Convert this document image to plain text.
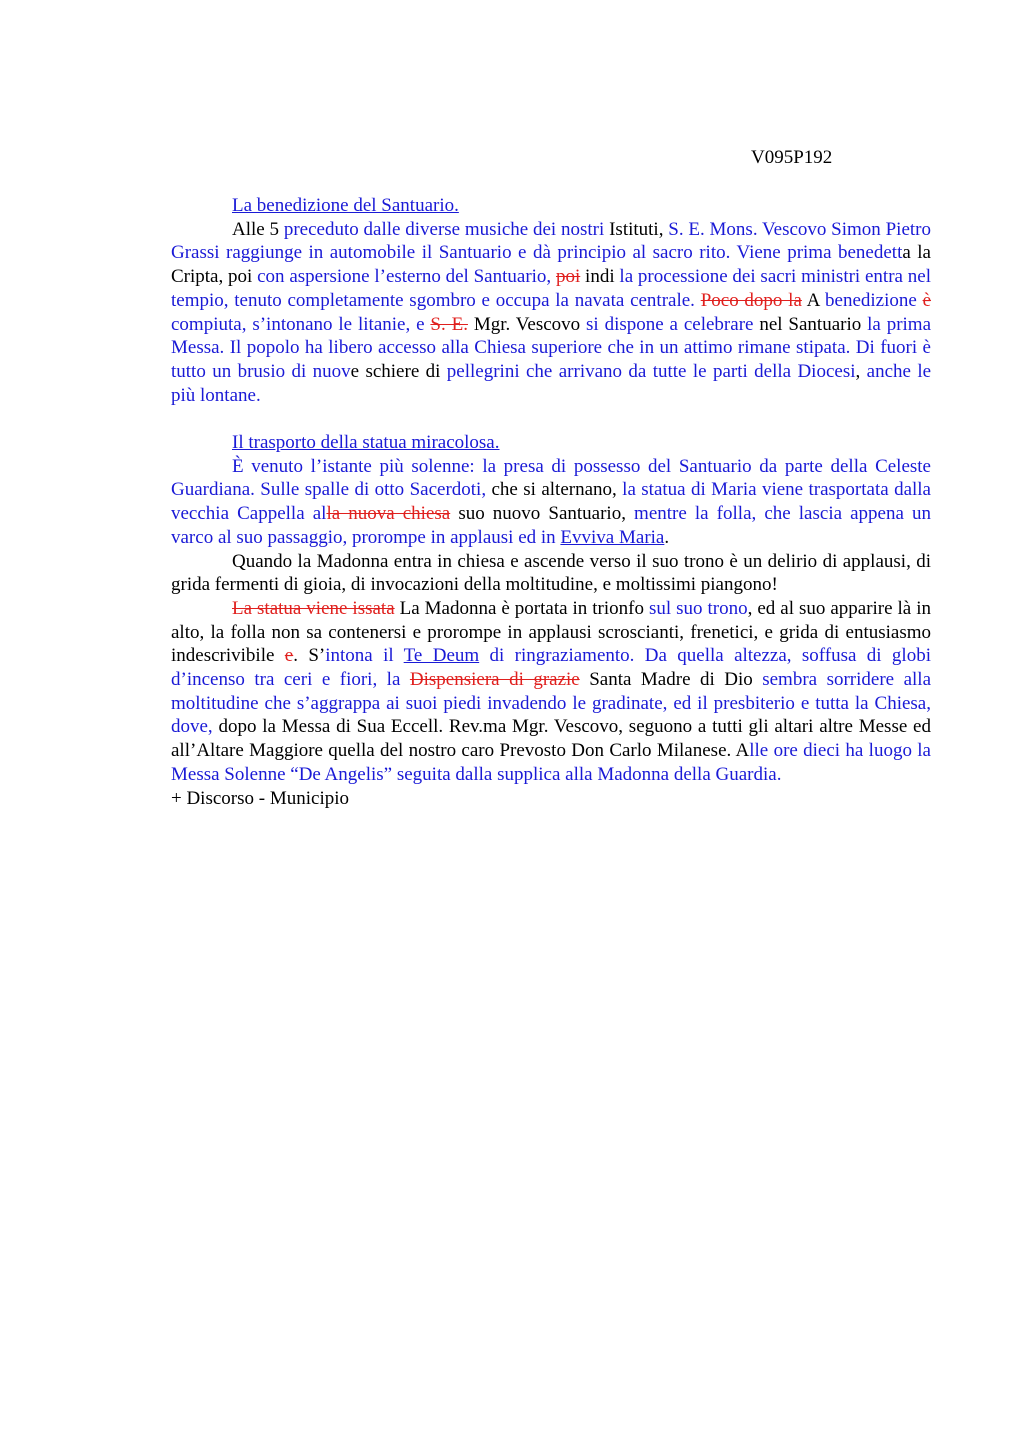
V095P192
La benedizione del Santuario.
Alle 5 preceduto dalle diverse musiche dei nostri Istituti, S. E. Mons. Vescovo Simon Pietro Grassi raggiunge in automobile il Santuario e dà principio al sacro rito. Viene prima benedetta la Cripta, poi con aspersione l’esterno del Santuario, poi indi la processione dei sacri ministri entra nel tempio, tenuto completamente sgombro e occupa la navata centrale. Poco dopo la A benedizione è compiuta, s’intonano le litanie, e S. E. Mgr. Vescovo si dispone a celebrare nel Santuario la prima Messa. Il popolo ha libero accesso alla Chiesa superiore che in un attimo rimane stipata. Di fuori è tutto un brusio di nuove schiere di pellegrini che arrivano da tutte le parti della Diocesi, anche le più lontane.
Il trasporto della statua miracolosa.
È venuto l’istante più solenne: la presa di possesso del Santuario da parte della Celeste Guardiana. Sulle spalle di otto Sacerdoti, che si alternano, la statua di Maria viene trasportata dalla vecchia Cappella alla nuova chiesa suo nuovo Santuario, mentre la folla, che lascia appena un varco al suo passaggio, prorompe in applausi ed in Evviva Maria.
Quando la Madonna entra in chiesa e ascende verso il suo trono è un delirio di applausi, di grida fermenti di gioia, di invocazioni della moltitudine, e moltissimi piangono!
La statua viene issata La Madonna è portata in trionfo sul suo trono, ed al suo apparire là in alto, la folla non sa contenersi e prorompe in applausi scroscianti, frenetici, e grida di entusiasmo indescrivibile e. S’intona il Te Deum di ringraziamento. Da quella altezza, soffusa di globi d’incenso tra ceri e fiori, la Dispensiera di grazie Santa Madre di Dio sembra sorridere alla moltitudine che s’aggrappa ai suoi piedi invadendo le gradinate, ed il presbiterio e tutta la Chiesa, dove, dopo la Messa di Sua Eccell. Rev.ma Mgr. Vescovo, seguono a tutti gli altari altre Messe ed all’Altare Maggiore quella del nostro caro Prevosto Don Carlo Milanese. Alle ore dieci ha luogo la Messa Solenne “De Angelis” seguita dalla supplica alla Madonna della Guardia.
+ Discorso - Municipio
